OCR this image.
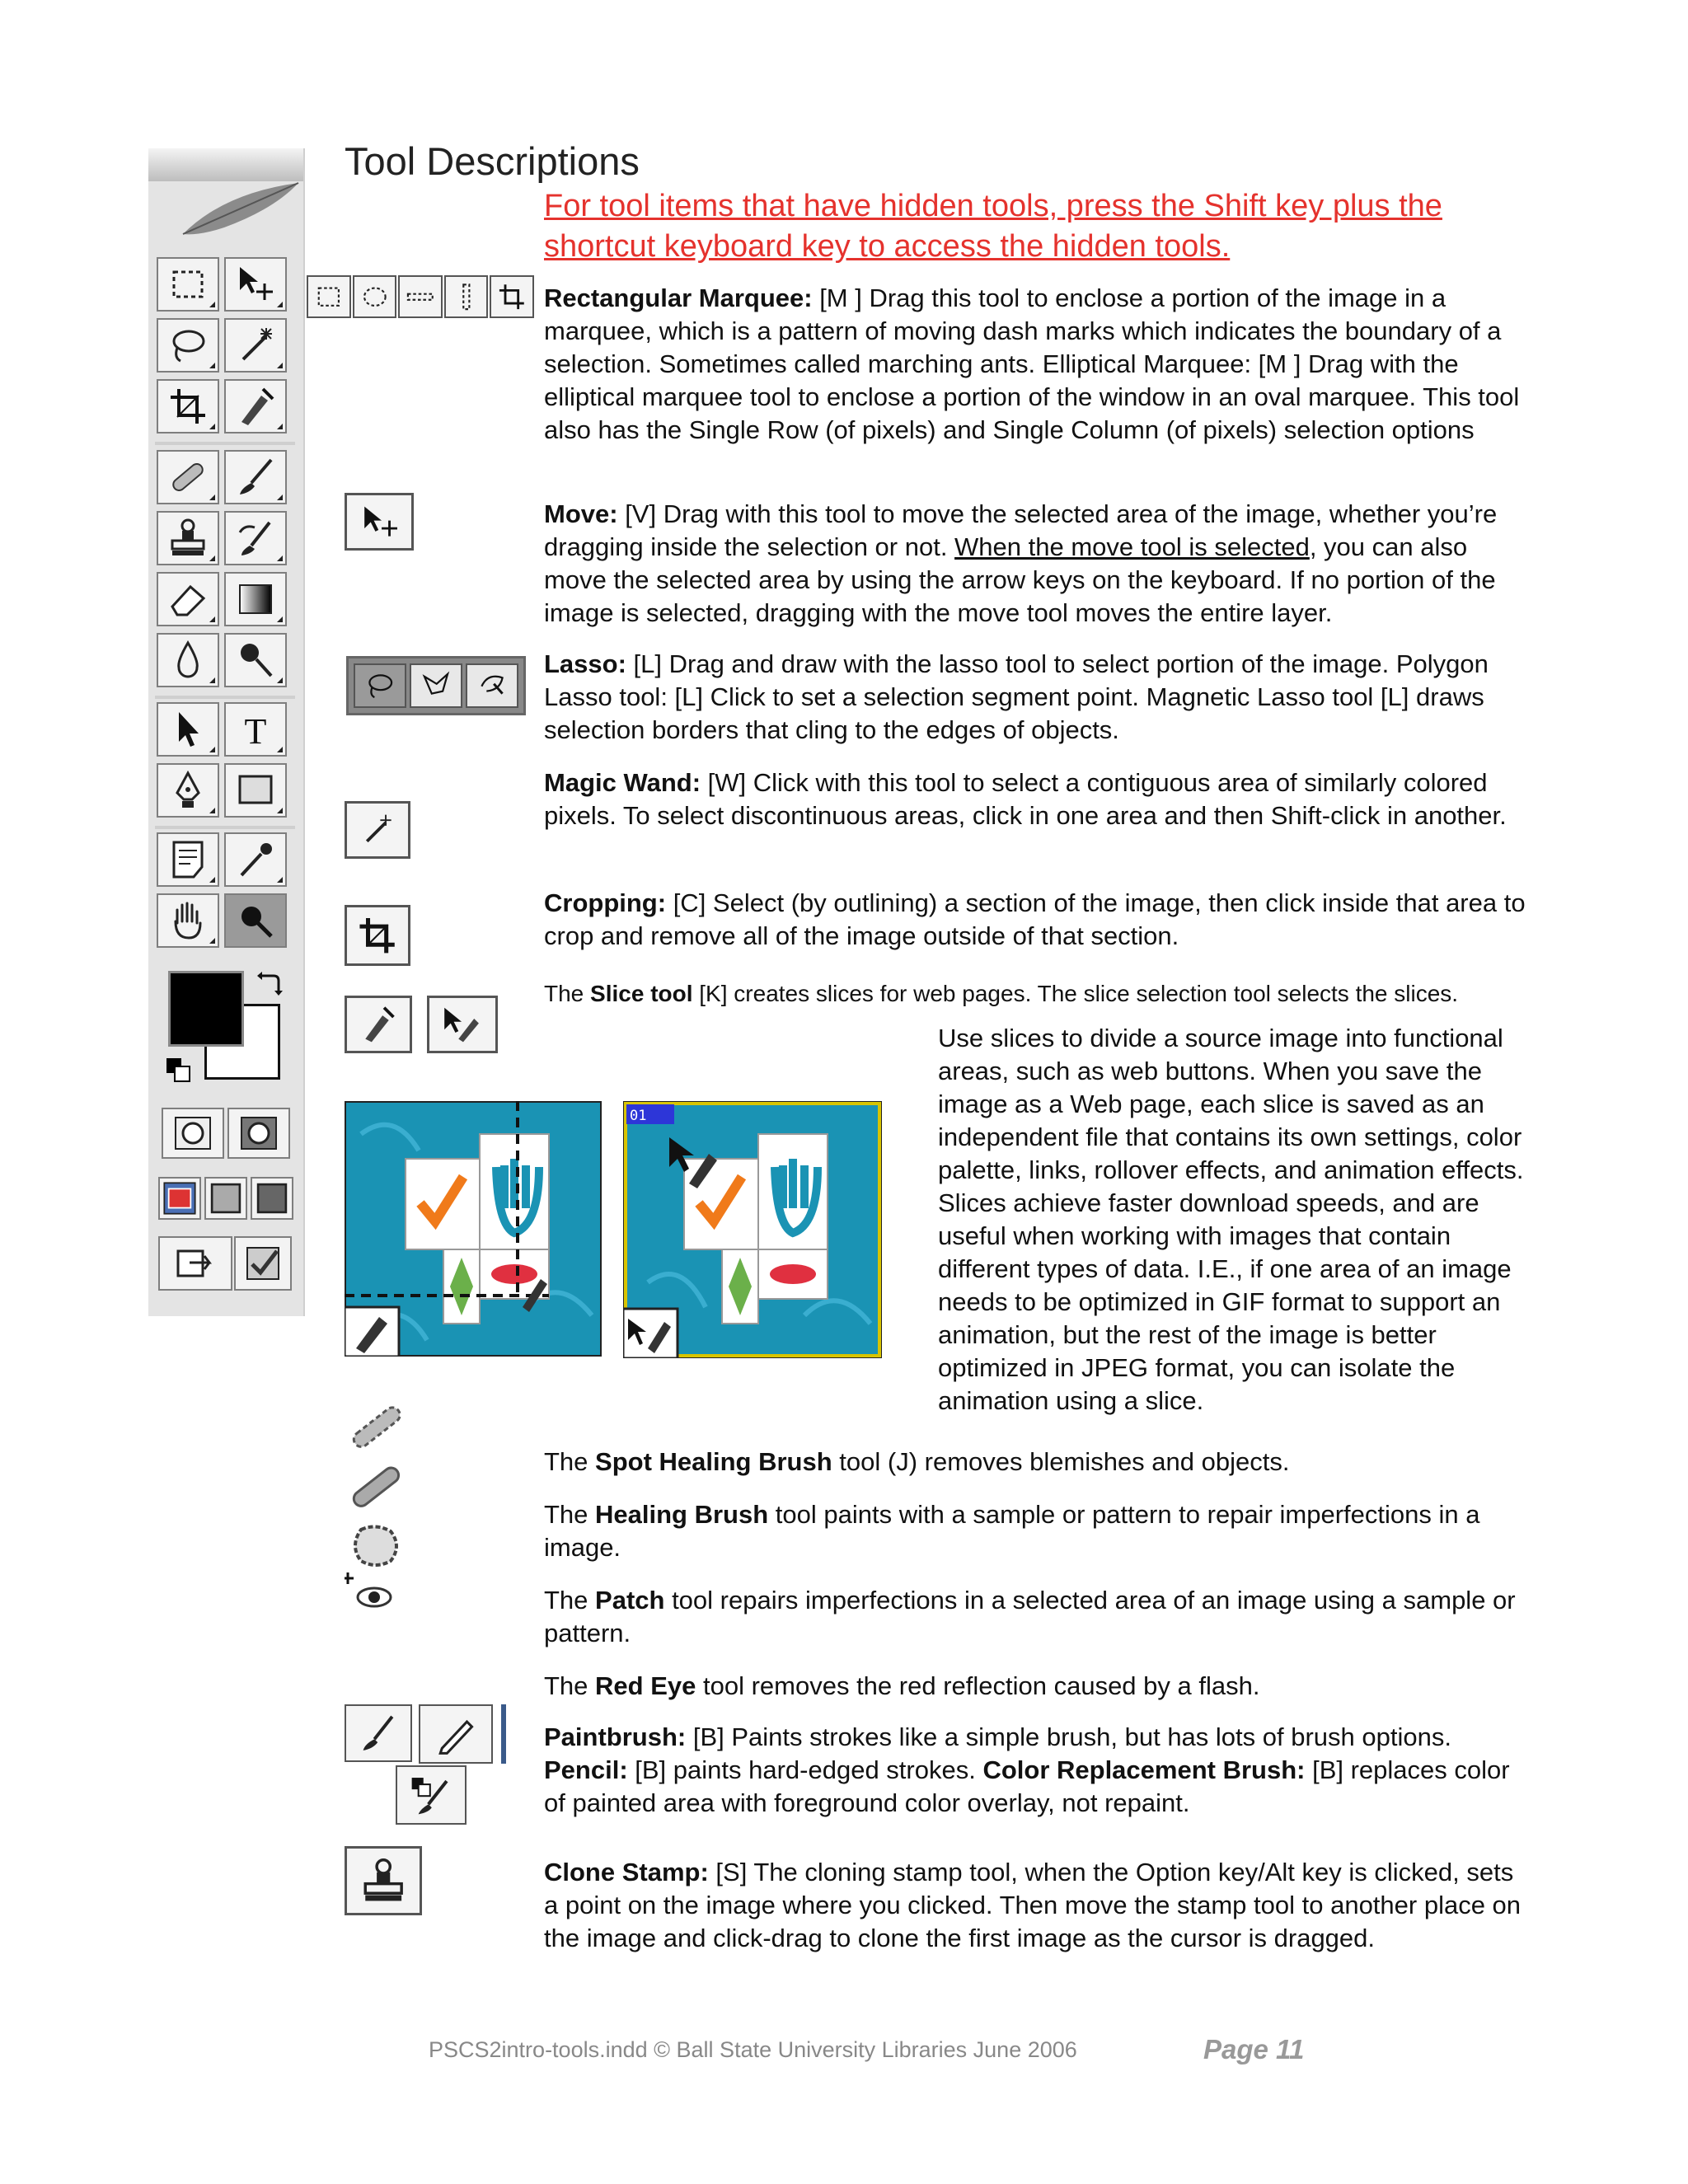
T
Tool Descriptions
For tool items that have hidden tools, press the Shift key plus the shortcut keyboard key to access the hidden tools.
Rectangular Marquee: [M ] Drag this tool to enclose a portion of the image in a marquee, which is a pattern of moving dash marks which indicates the boundary of a selection. Sometimes called marching ants. Elliptical Marquee: [M ] Drag with the elliptical marquee tool to enclose a portion of the window in an oval marquee. This tool also has the Single Row (of pixels) and Single Column (of pixels) selection options
Move: [V] Drag with this tool to move the selected area of the image, whether you’re dragging inside the selection or not. When the move tool is selected, you can also move the selected area by using the arrow keys on the keyboard. If no portion of the image is selected, dragging with the move tool moves the entire layer.
Lasso: [L] Drag and draw with the lasso tool to select portion of the image. Polygon Lasso tool: [L] Click to set a selection segment point. Magnetic Lasso tool [L] draws selection borders that cling to the edges of objects.
Magic Wand: [W] Click with this tool to select a contiguous area of similarly colored pixels. To select discontinuous areas, click in one area and then Shift-click in another.
Cropping: [C] Select (by outlining) a section of the image, then click inside that area to crop and remove all of the image outside of that section.
The Slice tool [K] creates slices for web pages. The slice selection tool selects the slices.
01
Use slices to divide a source image into functional areas, such as web buttons. When you save the image as a Web page, each slice is saved as an independent file that contains its own settings, color palette, links, rollover effects, and animation effects. Slices achieve faster download speeds, and are useful when working with images that contain different types of data. I.E., if one area of an image needs to be optimized in GIF format to support an animation, but the rest of the image is better optimized in JPEG format, you can isolate the animation using a slice.
The Spot Healing Brush tool (J) removes blemishes and objects.
The Healing Brush tool paints with a sample or pattern to repair imperfections in a image.
The Patch tool repairs imperfections in a selected area of an image using a sample or pattern.
The Red Eye tool removes the red reflection caused by a flash.
Paintbrush: [B] Paints strokes like a simple brush, but has lots of brush options.
Pencil: [B] paints hard-edged strokes. Color Replacement Brush: [B] replaces color of painted area with foreground color overlay, not repaint.
Clone Stamp: [S] The cloning stamp tool, when the Option key/Alt key is clicked, sets a point on the image where you clicked. Then move the stamp tool to another place on the image and click-drag to clone the first image as the cursor is dragged.
PSCS2intro-tools.indd © Ball State University Libraries June 2006	Page 11
